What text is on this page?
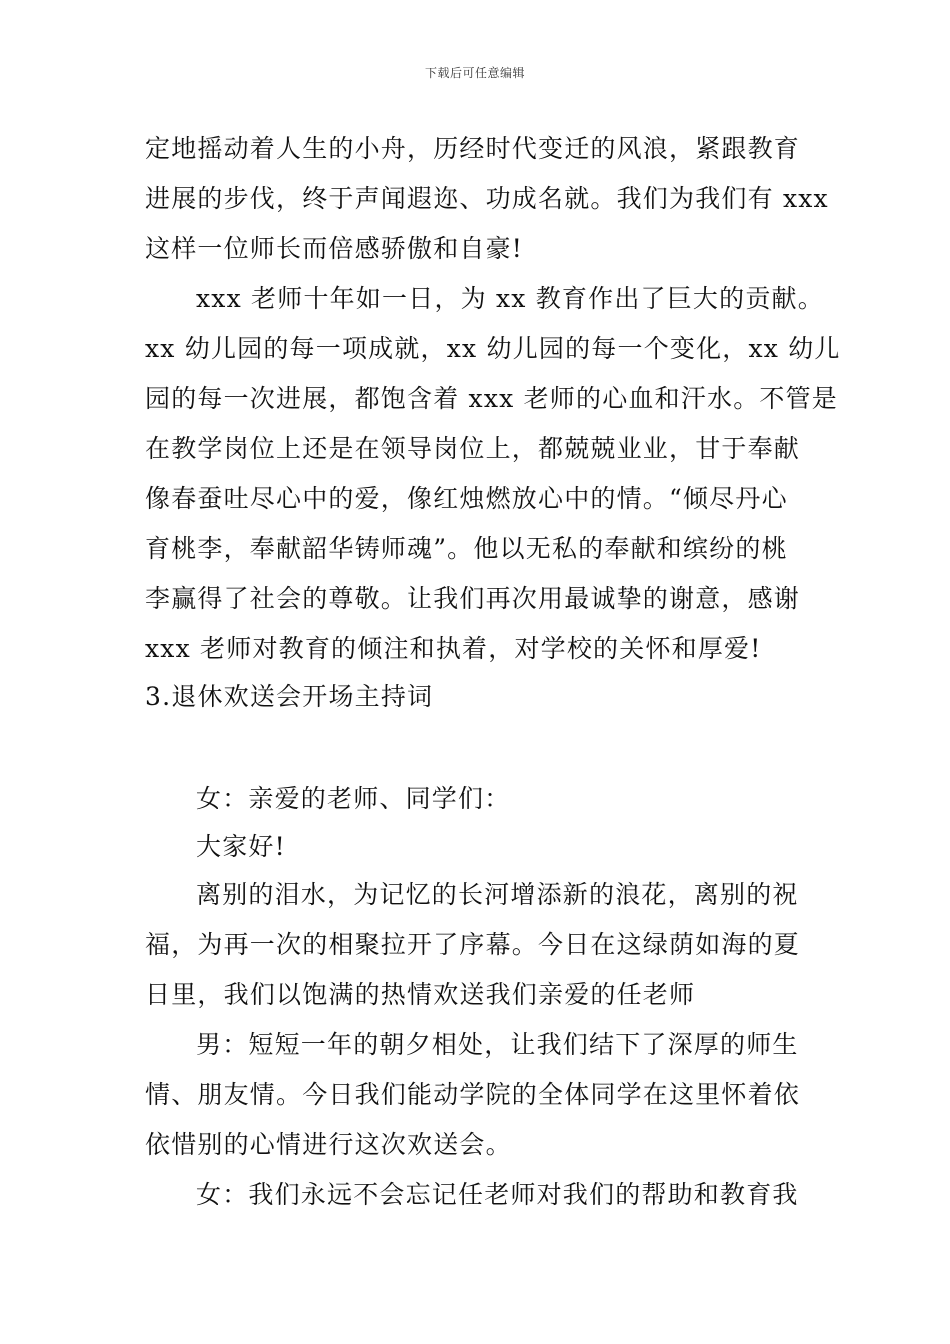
下载后可任意编辑
定地摇动着人生的小舟，历经时代变迁的风浪，紧跟教育
进展的步伐，终于声闻遐迩、功成名就。我们为我们有 xxx
这样一位师长而倍感骄傲和自豪!
xxx 老师十年如一日，为 xx 教育作出了巨大的贡献。
xx 幼儿园的每一项成就，xx 幼儿园的每一个变化，xx 幼儿
园的每一次进展，都饱含着 xxx 老师的心血和汗水。不管是
在教学岗位上还是在领导岗位上，都兢兢业业，甘于奉献
像春蚕吐尽心中的爱，像红烛燃放心中的情。“倾尽丹心
育桃李，奉献韶华铸师魂”。他以无私的奉献和缤纷的桃
李赢得了社会的尊敬。让我们再次用最诚挚的谢意，感谢
xxx 老师对教育的倾注和执着，对学校的关怀和厚爱!
3.退休欢送会开场主持词
女：亲爱的老师、同学们：
大家好!
离别的泪水，为记忆的长河增添新的浪花，离别的祝
福，为再一次的相聚拉开了序幕。今日在这绿荫如海的夏
日里，我们以饱满的热情欢送我们亲爱的任老师
男：短短一年的朝夕相处，让我们结下了深厚的师生
情、朋友情。今日我们能动学院的全体同学在这里怀着依
依惜别的心情进行这次欢送会。
女：我们永远不会忘记任老师对我们的帮助和教育我
